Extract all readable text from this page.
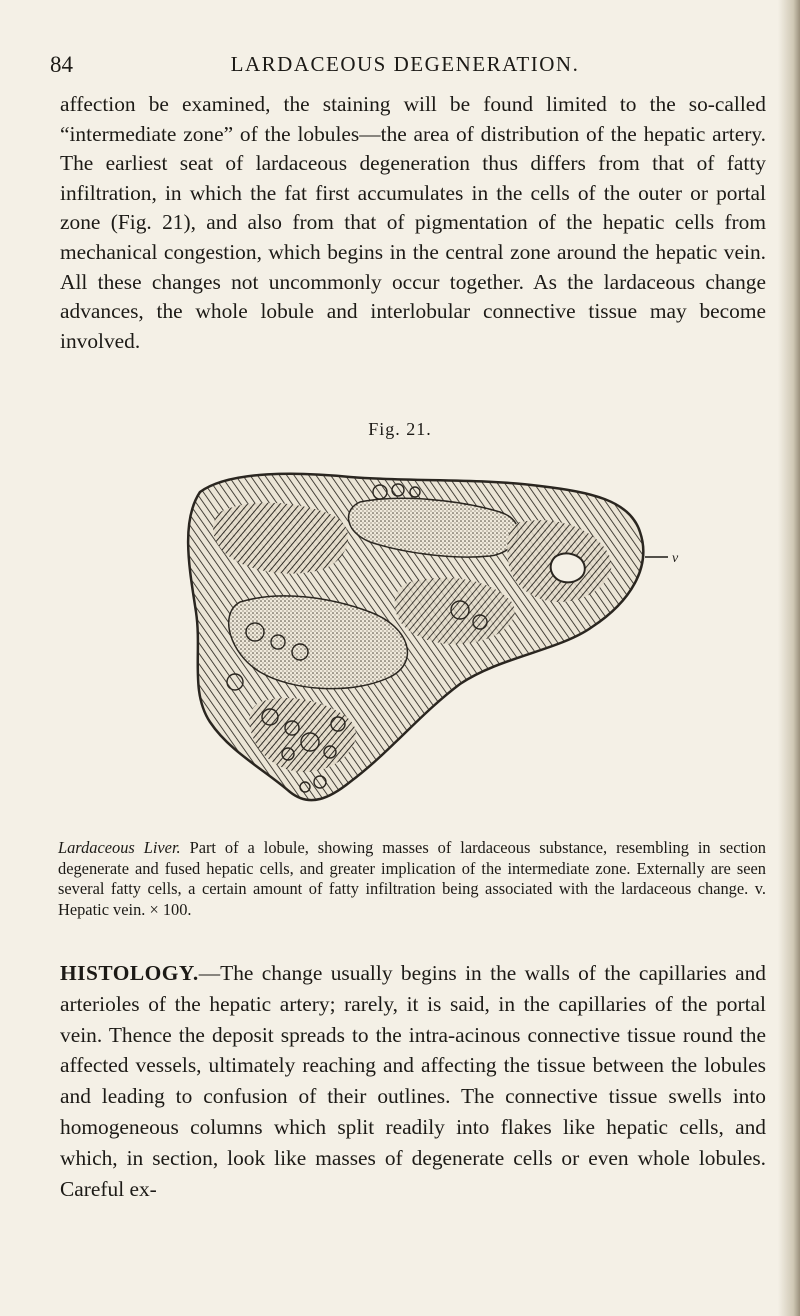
84	LARDACEOUS DEGENERATION.

affection be examined, the staining will be found limited to the so-called “intermediate zone” of the lobules—the area of distribution of the hepatic artery. The earliest seat of lardaceous degeneration thus differs from that of fatty infiltration, in which the fat first accumulates in the cells of the outer or portal zone (Fig. 21), and also from that of pigmentation of the hepatic cells from mechanical congestion, which begins in the central zone around the hepatic vein. All these changes not uncommonly occur together. As the lardaceous change advances, the whole lobule and interlobular connective tissue may become involved.

Fig. 21.
v

Lardaceous Liver. Part of a lobule, showing masses of lardaceous substance, resembling in section degenerate and fused hepatic cells, and greater implication of the intermediate zone. Externally are seen several fatty cells, a certain amount of fatty infiltration being associated with the lardaceous change. v. Hepatic vein. × 100.

HISTOLOGY.—The change usually begins in the walls of the capillaries and arterioles of the hepatic artery; rarely, it is said, in the capillaries of the portal vein. Thence the deposit spreads to the intra-acinous connective tissue round the affected vessels, ultimately reaching and affecting the tissue between the lobules and leading to confusion of their outlines. The connective tissue swells into homogeneous columns which split readily into flakes like hepatic cells, and which, in section, look like masses of degenerate cells or even whole lobules. Careful ex-
